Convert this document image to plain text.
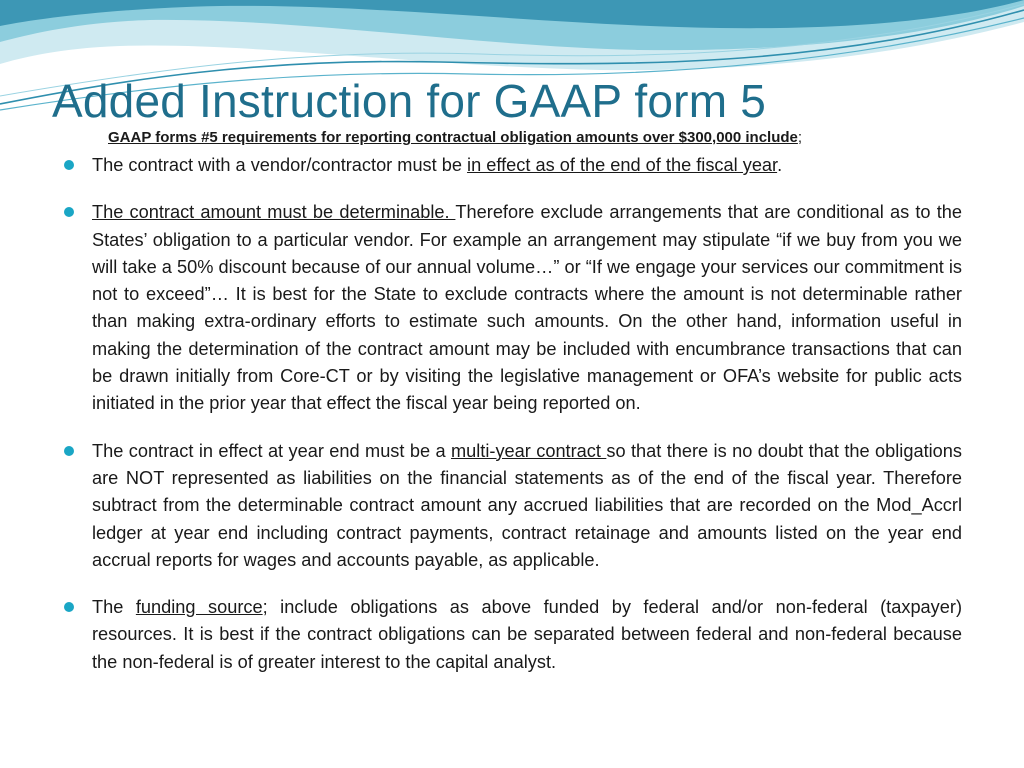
Added Instruction for GAAP form 5
GAAP forms #5 requirements for reporting contractual obligation amounts over $300,000 include;
The contract with a vendor/contractor must be in effect as of the end of the fiscal year.
The contract amount must be determinable. Therefore exclude arrangements that are conditional as to the States’ obligation to a particular vendor. For example an arrangement may stipulate “if we buy from you we will take a 50% discount because of our annual volume…” or “If we engage your services our commitment is not to exceed”… It is best for the State to exclude contracts where the amount is not determinable rather than making extra-ordinary efforts to estimate such amounts. On the other hand, information useful in making the determination of the contract amount may be included with encumbrance transactions that can be drawn initially from Core-CT or by visiting the legislative management or OFA’s website for public acts initiated in the prior year that effect the fiscal year being reported on.
The contract in effect at year end must be a multi-year contract so that there is no doubt that the obligations are NOT represented as liabilities on the financial statements as of the end of the fiscal year. Therefore subtract from the determinable contract amount any accrued liabilities that are recorded on the Mod_Accrl ledger at year end including contract payments, contract retainage and amounts listed on the year end accrual reports for wages and accounts payable, as applicable.
The funding source; include obligations as above funded by federal and/or non-federal (taxpayer) resources. It is best if the contract obligations can be separated between federal and non-federal because the non-federal is of greater interest to the capital analyst.
